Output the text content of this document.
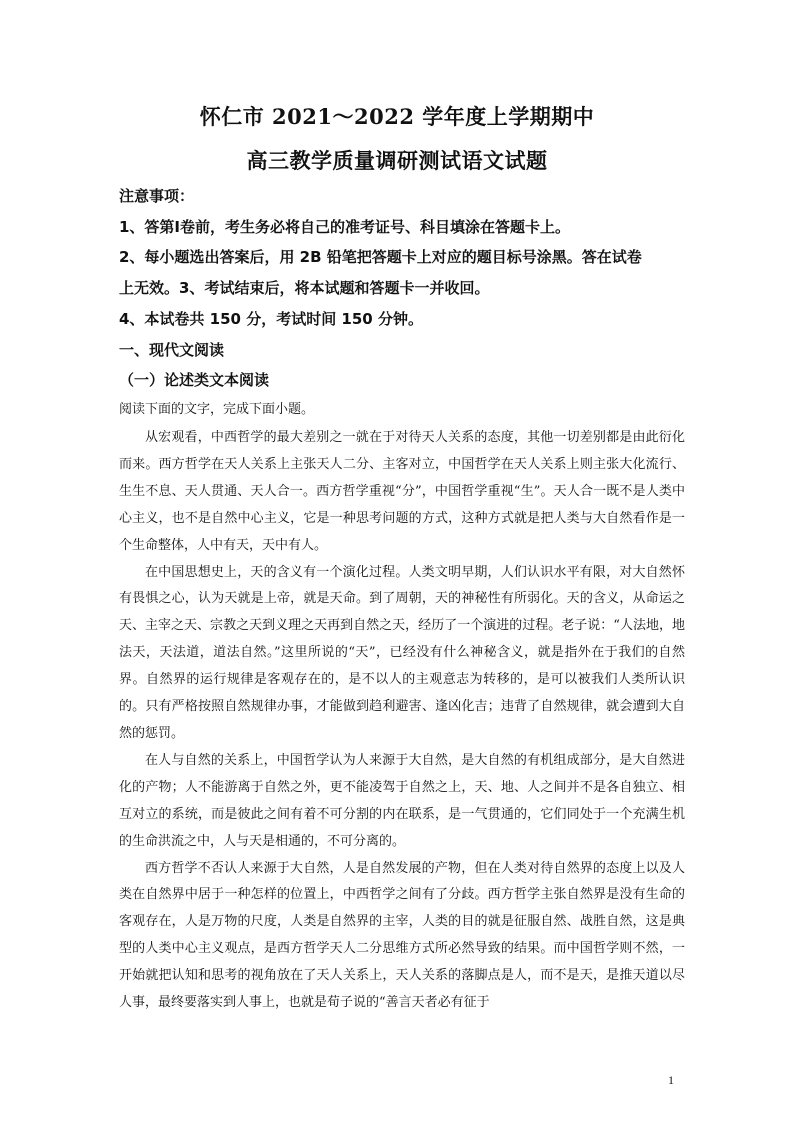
怀仁市 2021～2022 学年度上学期期中
高三教学质量调研测试语文试题

注意事项：

1、答第Ⅰ卷前，考生务必将自己的准考证号、科目填涂在答题卡上。

2、每小题选出答案后，用 2B 铅笔把答题卡上对应的题目标号涂黑。答在试卷

上无效。3、考试结束后，将本试题和答题卡一并收回。

4、本试卷共 150 分，考试时间 150 分钟。

一、现代文阅读

（一）论述类文本阅读

阅读下面的文字，完成下面小题。

从宏观看，中西哲学的最大差别之一就在于对待天人关系的态度，其他一切差别都是由此衍化而来。西方哲学在天人关系上主张天人二分、主客对立，中国哲学在天人关系上则主张大化流行、生生不息、天人贯通、天人合一。西方哲学重视“分”，中国哲学重视“生”。天人合一既不是人类中心主义，也不是自然中心主义，它是一种思考问题的方式，这种方式就是把人类与大自然看作是一个生命整体，人中有天，天中有人。

在中国思想史上，天的含义有一个演化过程。人类文明早期，人们认识水平有限，对大自然怀有畏惧之心，认为天就是上帝，就是天命。到了周朝，天的神秘性有所弱化。天的含义，从命运之天、主宰之天、宗教之天到义理之天再到自然之天，经历了一个演进的过程。老子说：“人法地，地法天，天法道，道法自然。”这里所说的“天”，已经没有什么神秘含义，就是指外在于我们的自然界。自然界的运行规律是客观存在的，是不以人的主观意志为转移的，是可以被我们人类所认识的。只有严格按照自然规律办事，才能做到趋利避害、逢凶化吉；违背了自然规律，就会遭到大自然的惩罚。

在人与自然的关系上，中国哲学认为人来源于大自然，是大自然的有机组成部分，是大自然进化的产物；人不能游离于自然之外，更不能凌驾于自然之上，天、地、人之间并不是各自独立、相互对立的系统，而是彼此之间有着不可分割的内在联系，是一气贯通的，它们同处于一个充满生机的生命洪流之中，人与天是相通的，不可分离的。

西方哲学不否认人来源于大自然，人是自然发展的产物，但在人类对待自然界的态度上以及人类在自然界中居于一种怎样的位置上，中西哲学之间有了分歧。西方哲学主张自然界是没有生命的客观存在，人是万物的尺度，人类是自然界的主宰，人类的目的就是征服自然、战胜自然，这是典型的人类中心主义观点，是西方哲学天人二分思维方式所必然导致的结果。而中国哲学则不然，一开始就把认知和思考的视角放在了天人关系上，天人关系的落脚点是人，而不是天，是推天道以尽人事，最终要落实到人事上，也就是荀子说的“善言天者必有征于

1
